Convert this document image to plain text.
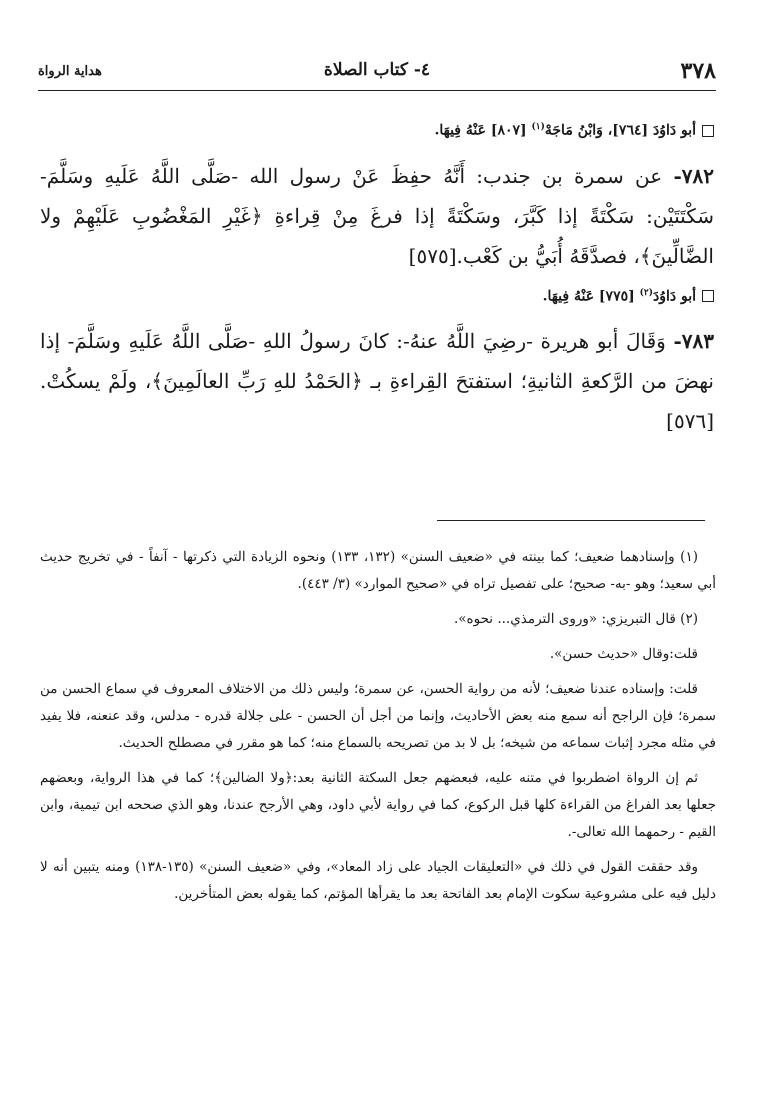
٣٧٨
٤- كتاب الصلاة
هداية الرواة
أبو دَاوُدَ [٧٦٤]، وَابْنُ مَاجَهْ$^{(١)}$ [٨٠٧] عَنْهُ فِيهَا.
٧٨٢- عن سمرة بن جندب: أَنَّهُ حفِظَ عَنْ رسول الله -صَلَّى اللَّهُ عَلَيهِ وسَلَّمَ- سَكْتَتَيْن: سَكْتَةً إذا كَبَّرَ، وسَكْتَةً إذا فرغَ مِنْ قِراءةِ ﴿غَيْرِ المَغْضُوبِ عَلَيْهِمْ ولا الضَّالِّينَ﴾، فصدَّقَهُ أُبَيُّ بن كَعْب.[٥٧٥]
أبو دَاوُدَ$^{(٢)}$ [٧٧٥] عَنْهُ فِيهَا.
٧٨٣- وَقَالَ أبو هريرة -رضِيَ اللَّهُ عنهُ-: كانَ رسولُ اللهِ -صَلَّى اللَّهُ عَلَيهِ وسَلَّمَ- إذا نهضَ من الرَّكعةِ الثانيةِ؛ استفتحَ القِراءةِ بـ ﴿الحَمْدُ للهِ رَبِّ العالَمِينَ﴾، ولَمْ يسكُتْ.[٥٧٦]

(١) وإسنادهما ضعيف؛ كما بينته في «ضعيف السنن» (١٣٢، ١٣٣) ونحوه الزيادة التي ذكرتها - آنفاً - في تخريج حديث أبي سعيد؛ وهو -به- صحيح؛ على تفصيل تراه في «صحيح الموارد» (٣/ ٤٤٣).

(٢) قال التبريزي: «وروى الترمذي... نحوه».

قلت:وقال «حديث حسن».

قلت: وإسناده عندنا ضعيف؛ لأنه من رواية الحسن، عن سمرة؛ وليس ذلك من الاختلاف المعروف في سماع الحسن من سمرة؛ فإن الراجح أنه سمع منه بعض الأحاديث، وإنما من أجل أن الحسن - على جلالة قدره - مدلس، وقد عنعنه، فلا يفيد في مثله مجرد إثبات سماعه من شيخه؛ بل لا بد من تصريحه بالسماع منه؛ كما هو مقرر في مصطلح الحديث.

ثم إن الرواة اضطربوا في متنه عليه، فبعضهم جعل السكتة الثانية بعد:﴿ولا الضالين﴾؛ كما في هذا الرواية، وبعضهم جعلها بعد الفراغ من القراءة كلها قبل الركوع، كما في رواية لأبي داود، وهي الأرجح عندنا، وهو الذي صححه ابن تيمية، وابن القيم - رحمهما الله تعالى-.

وقد حققت القول في ذلك في «التعليقات الجياد على زاد المعاد»، وفي «ضعيف السنن» (١٣٥-١٣٨) ومنه يتبين أنه لا دليل فيه على مشروعية سكوت الإمام بعد الفاتحة بعد ما يقرأها المؤتم، كما يقوله بعض المتأخرين.
